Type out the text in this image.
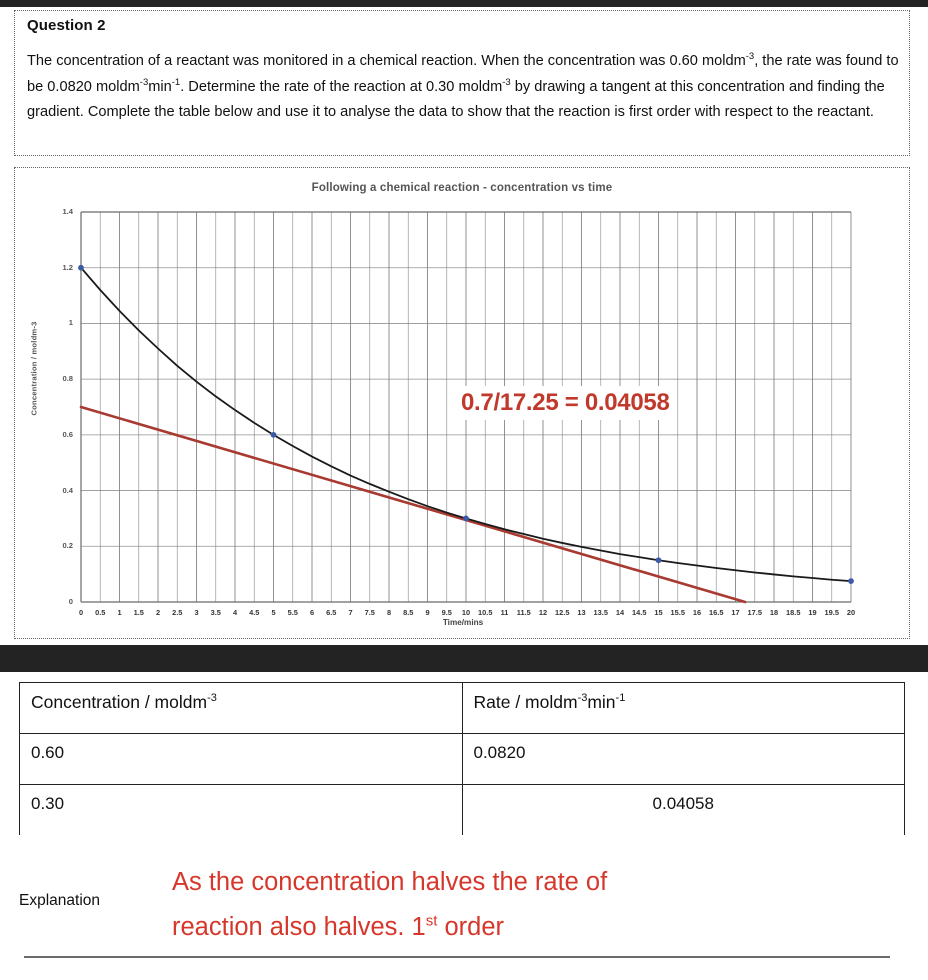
Question 2
The concentration of a reactant was monitored in a chemical reaction. When the concentration was 0.60 moldm$^{-3}$, the rate was found to be 0.0820 $moldm^{-3}\min^{-1}$. Determine the rate of the reaction at 0.30 moldm$^{-3}$ by drawing a tangent at this concentration and finding the gradient. Complete the table below and use it to analyse the data to show that the reaction is first order with respect to the reactant.
Following a chemical reaction - concentration vs time
Concentration / moldm-3
Time/mins
0.7/17.25 = 0.04058
0
0.2
0.4
0.6
0.8
1
1.2
1.4
0 0.5 1 1.5 2 2.5 3 3.5 4 4.5 5 5.5 6 6.5 7 7.5 8 8.5 9 9.5 10 10.5 11 11.5 12 12.5 13 13.5 14 14.5 15 15.5 16 16.5 17 17.5 18 18.5 19 19.5 20
Concentration / moldm$^{-3}$	Rate / $moldm^{-3}\min^{-1}$
0.60	0.0820
0.30	0.04058
Explanation
As the concentration halves the rate of
reaction also halves. 1st order
